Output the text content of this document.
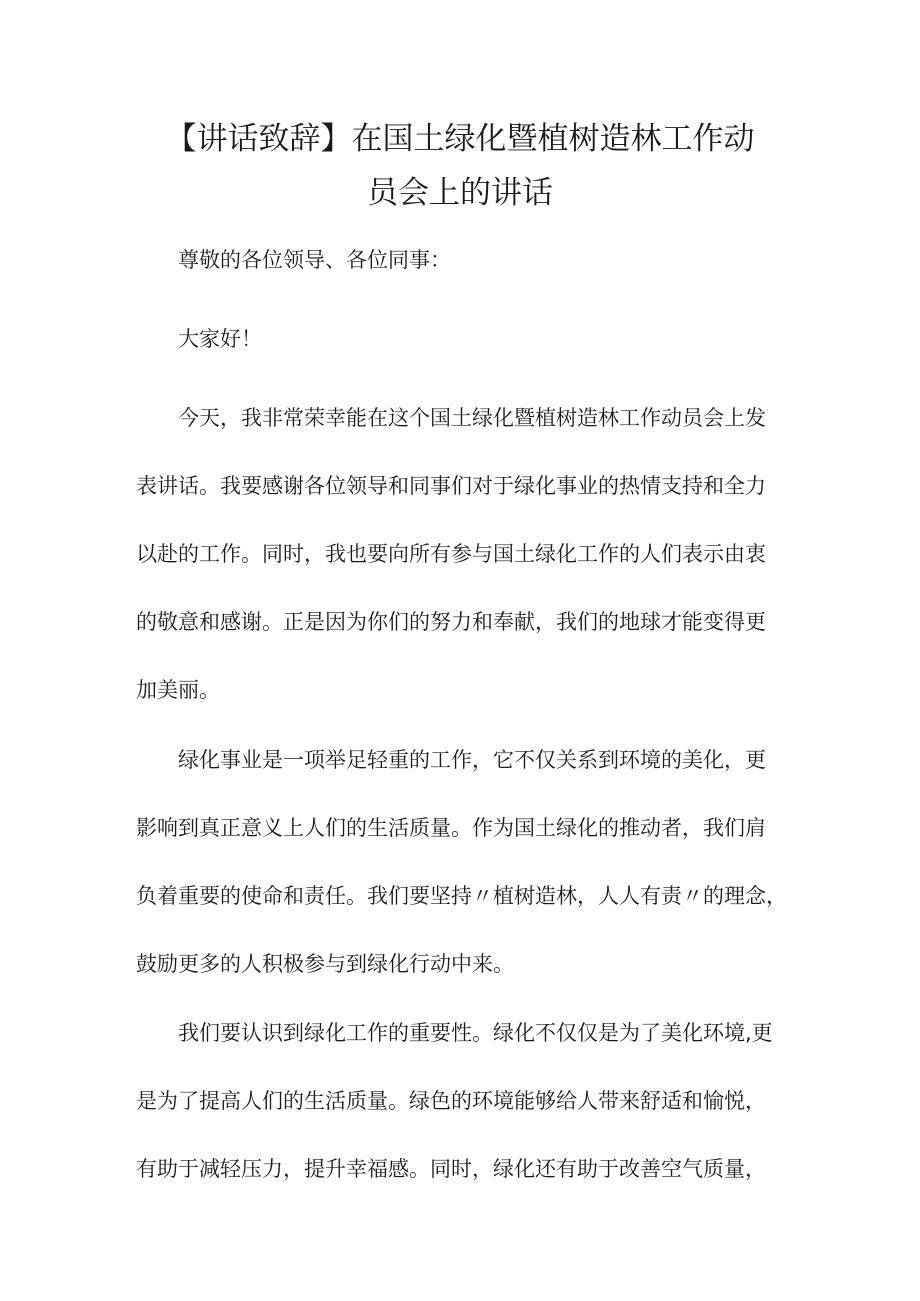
【讲话致辞】在国土绿化暨植树造林工作动
员会上的讲话

尊敬的各位领导、各位同事：

大家好！

今天，我非常荣幸能在这个国土绿化暨植树造林工作动员会上发
表讲话。我要感谢各位领导和同事们对于绿化事业的热情支持和全力
以赴的工作。同时，我也要向所有参与国土绿化工作的人们表示由衷
的敬意和感谢。正是因为你们的努力和奉献，我们的地球才能变得更
加美丽。

绿化事业是一项举足轻重的工作，它不仅关系到环境的美化，更
影响到真正意义上人们的生活质量。作为国土绿化的推动者，我们肩
负着重要的使命和责任。我们要坚持〃植树造林，人人有责〃的理念，
鼓励更多的人积极参与到绿化行动中来。

我们要认识到绿化工作的重要性。绿化不仅仅是为了美化环境,更
是为了提高人们的生活质量。绿色的环境能够给人带来舒适和愉悦，
有助于减轻压力，提升幸福感。同时，绿化还有助于改善空气质量，
